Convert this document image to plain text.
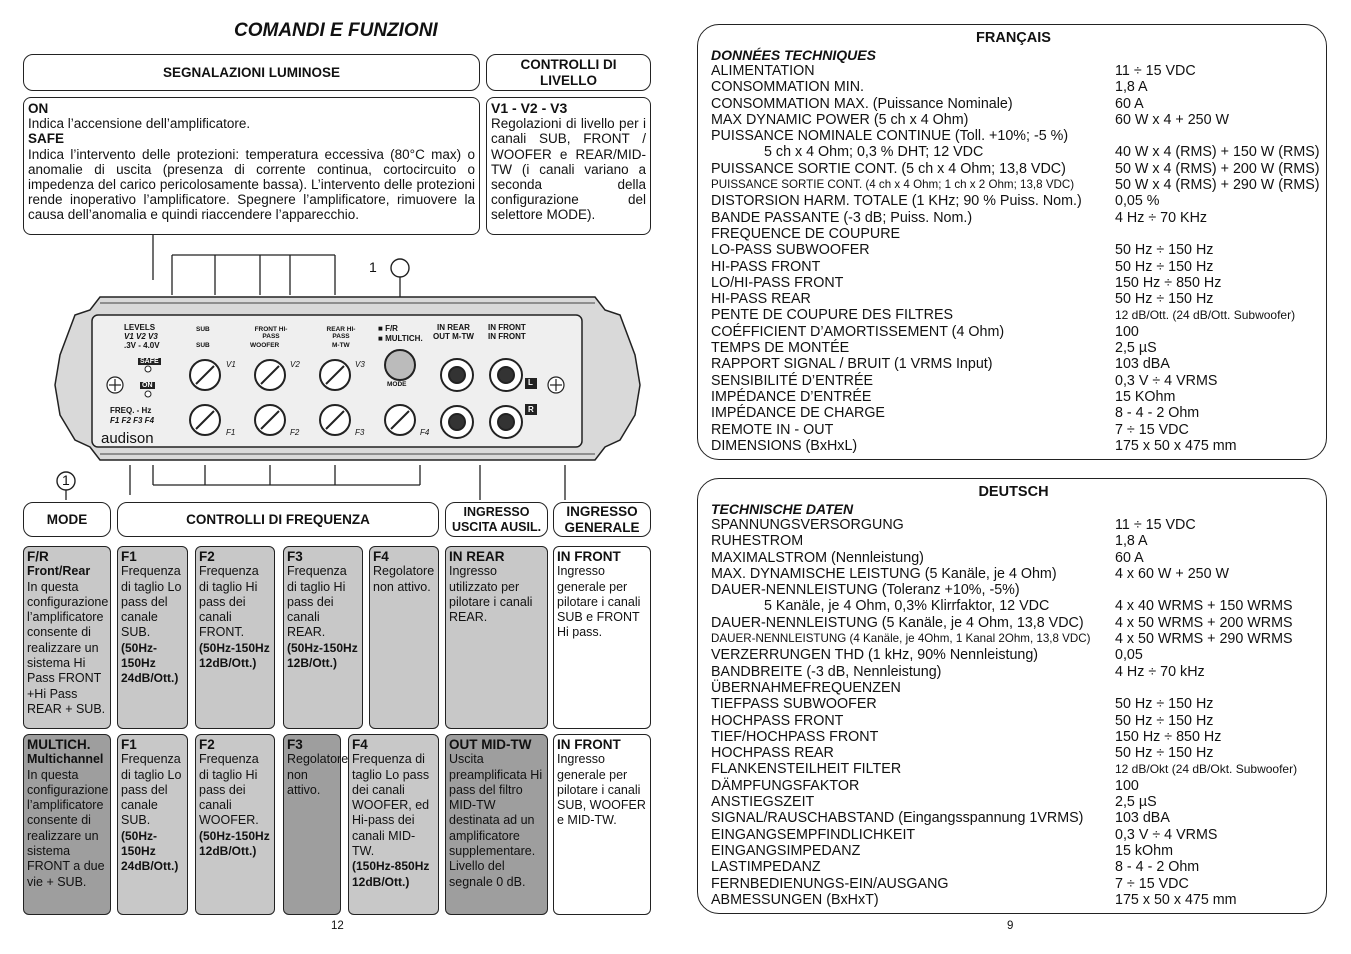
COMANDI E FUNZIONI
SEGNALAZIONI LUMINOSE
CONTROLLI DI LIVELLO
ON
Indica l’accensione dell’amplificatore.
SAFE
Indica l’intervento delle protezioni: temperatura eccessiva (80°C max) o anomalie di uscita (presenza di corrente continua, cortocircuito o impedenza del carico pericolosamente bassa). L’intervento delle protezioni rende inoperativo l’amplificatore. Spegnere l’amplificatore, rimuovere la causa dell’anomalia e quindi riaccendere l’apparecchio.
V1 - V2 - V3
Regolazioni di livello per i canali SUB, FRONT / WOOFER e REAR/MID-TW (i canali variano a seconda della configurazione del selettore MODE).
1
1
LEVELS
V1 V2 V3
.3V - 4.0V
SAFE
ON
FREQ. - Hz
F1 F2 F3 F4
audison
SUB	FRONT HI-PASS
REAR HI-PASS
SUB	WOOFER	M-TW
■ F/R
■ MULTICH.
MODE
IN REAR
OUT M-TW
IN FRONT
IN FRONT
L
R
V1	V2	V3
F1	F2	F3	F4
MODE	CONTROLLI DI FREQUENZA	INGRESSO USCITA AUSIL.
INGRESSO GENERALE
F/R
Front/Rear
In questa configurazione l’amplificatore consente di realizzare un sistema Hi Pass FRONT +Hi Pass REAR + SUB.
F1
Frequenza di taglio Lo pass del canale SUB.
(50Hz-150Hz 24dB/Ott.)
F2
Frequenza di taglio Hi pass dei canali FRONT.
(50Hz-150Hz 12dB/Ott.)
F3
Frequenza di taglio Hi pass dei canali REAR.
(50Hz-150Hz 12B/Ott.)
F4
Regolatore non attivo.
IN REAR
Ingresso utilizzato per pilotare i canali REAR.
IN FRONT
Ingresso generale per pilotare i canali SUB e FRONT Hi pass.
MULTICH.
Multichannel
In questa configurazione l’amplificatore consente di realizzare un sistema FRONT a due vie + SUB.
F1
Frequenza di taglio Lo pass del canale SUB.
(50Hz-150Hz 24dB/Ott.)
F2
Frequenza di taglio Hi pass dei canali WOOFER.
(50Hz-150Hz 12dB/Ott.)
F3
Regolatore non attivo.
F4
Frequenza di taglio Lo pass dei canali WOOFER, ed Hi-pass dei canali MID-TW.
(150Hz-850Hz 12dB/Ott.)
OUT MID-TW
Uscita preamplificata Hi pass del filtro MID-TW destinata ad un amplificatore supplementare. Livello del segnale 0 dB.
IN FRONT
Ingresso generale per pilotare i canali SUB, WOOFER e MID-TW.
12
FRANÇAIS
DONNÉES TECHNIQUES
ALIMENTATION	11 ÷ 15 VDC
CONSOMMATION MIN.	1,8 A
CONSOMMATION MAX. (Puissance Nominale)	60 A
MAX DYNAMIC POWER (5 ch x 4 Ohm)	60 W x 4 + 250 W
PUISSANCE NOMINALE CONTINUE (Toll. +10%; -5 %)
5 ch x 4 Ohm; 0,3 % DHT; 12 VDC	40 W x 4 (RMS) + 150 W (RMS)
PUISSANCE SORTIE CONT. (5 ch x 4 Ohm; 13,8 VDC)	50 W x 4 (RMS) + 200 W (RMS)
PUISSANCE SORTIE CONT. (4 ch x 4 Ohm; 1 ch x 2 Ohm; 13,8 VDC)	50 W x 4 (RMS) + 290 W (RMS)
DISTORSION HARM. TOTALE (1 KHz; 90 % Puiss. Nom.) 0,05 %
BANDE PASSANTE (-3 dB; Puiss. Nom.)	4 Hz ÷ 70 KHz
FREQUENCE DE COUPURE
LO-PASS SUBWOOFER	50 Hz ÷ 150 Hz
HI-PASS FRONT	50 Hz ÷ 150 Hz
LO/HI-PASS FRONT	150 Hz ÷ 850 Hz
HI-PASS REAR	50 Hz ÷ 150 Hz
PENTE DE COUPURE DES FILTRES	12 dB/Ott. (24 dB/Ott. Subwoofer)
COÉFFICIENT D’AMORTISSEMENT (4 Ohm)	100
TEMPS DE MONTÉE	2,5 µS
RAPPORT SIGNAL / BRUIT (1 VRMS Input)	103 dBA
SENSIBILITÉ D’ENTRÉE	0,3 V ÷ 4 VRMS
IMPÉDANCE D’ENTRÉE	15 KOhm
IMPÉDANCE DE CHARGE	8 - 4 - 2 Ohm
REMOTE IN - OUT	7 ÷ 15 VDC
DIMENSIONS (BxHxL)	175 x 50 x 475 mm
DEUTSCH
TECHNISCHE DATEN
SPANNUNGSVERSORGUNG	11 ÷ 15 VDC
RUHESTROM	1,8 A
MAXIMALSTROM (Nennleistung)	60 A
MAX. DYNAMISCHE LEISTUNG (5 Kanäle, je 4 Ohm)	4 x 60 W + 250 W
DAUER-NENNLEISTUNG (Toleranz +10%, -5%)
5 Kanäle, je 4 Ohm, 0,3% Klirrfaktor, 12 VDC	4 x 40 WRMS + 150 WRMS
DAUER-NENNLEISTUNG (5 Kanäle, je 4 Ohm, 13,8 VDC) 4 x 50 WRMS + 200 WRMS
DAUER-NENNLEISTUNG (4 Kanäle, je 4Ohm, 1 Kanal 2Ohm, 13,8 VDC) 4 x 50 WRMS + 290 WRMS
VERZERRUNGEN THD (1 kHz, 90% Nennleistung)	0,05
BANDBREITE (-3 dB, Nennleistung)	4 Hz ÷ 70 kHz
ÜBERNAHMEFREQUENZEN
TIEFPASS SUBWOOFER	50 Hz ÷ 150 Hz
HOCHPASS FRONT	50 Hz ÷ 150 Hz
TIEF/HOCHPASS FRONT	150 Hz ÷ 850 Hz
HOCHPASS REAR	50 Hz ÷ 150 Hz
FLANKENSTEILHEIT FILTER	12 dB/Okt (24 dB/Okt. Subwoofer)
DÄMPFUNGSFAKTOR	100
ANSTIEGSZEIT	2,5 µS
SIGNAL/RAUSCHABSTAND (Eingangsspannung 1VRMS) 103 dBA
EINGANGSEMPFINDLICHKEIT	0,3 V ÷ 4 VRMS
EINGANGSIMPEDANZ	15 kOhm
LASTIMPEDANZ	8 - 4 - 2 Ohm
FERNBEDIENUNGS-EIN/AUSGANG	7 ÷ 15 VDC
ABMESSUNGEN (BxHxT)	175 x 50 x 475 mm
9
